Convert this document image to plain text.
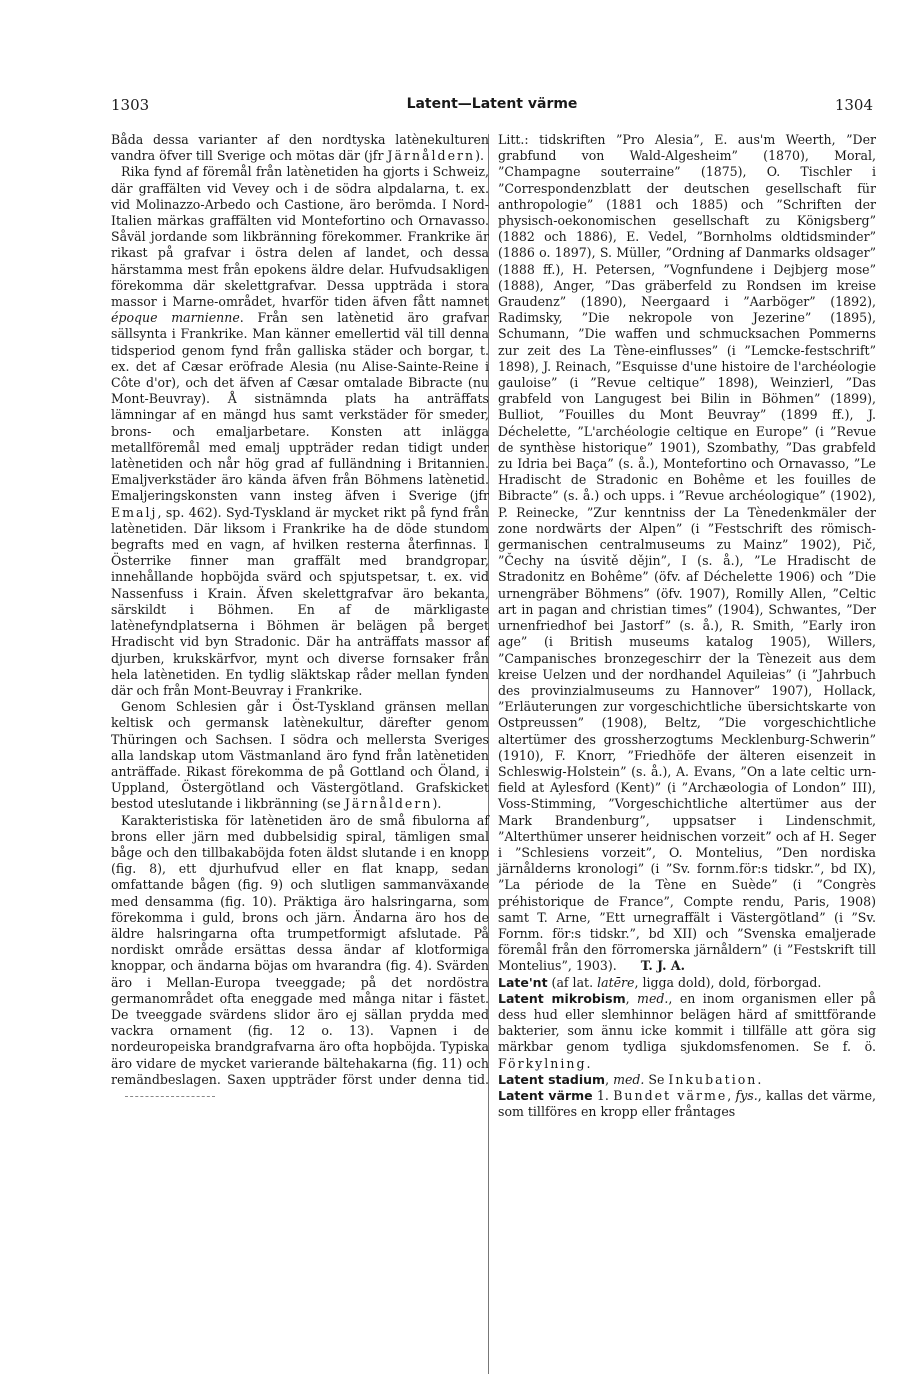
1303	Latent—Latent värme	1304

Båda dessa varianter af den nordtyska latènekulturen vandra öfver till Sverige och mötas där (jfr Järnåldern).

Rika fynd af föremål från latènetiden ha gjorts i Schweiz, där graffälten vid Vevey och i de södra alpdalarna, t. ex. vid Molinazzo-Arbedo och Castione, äro berömda. I Nord-Italien märkas graffälten vid Montefortino och Ornavasso. Såväl jordande som likbränning förekommer. Frankrike är rikast på grafvar i östra delen af landet, och dessa härstamma mest från epokens äldre delar. Hufvudsakligen förekomma där skelettgrafvar. Dessa uppträda i stora massor i Marne-området, hvarför tiden äfven fått namnet époque marnienne. Från sen latènetid äro grafvar sällsynta i Frankrike. Man känner emellertid väl till denna tidsperiod genom fynd från galliska städer och borgar, t. ex. det af Cæsar eröfrade Alesia (nu Alise-Sainte-Reine i Côte d'or), och det äfven af Cæsar omtalade Bibracte (nu Mont-Beuvray). Å sistnämnda plats ha anträffats lämningar af en mängd hus samt verkstäder för smeder, brons- och emaljarbetare. Konsten att inlägga metallföremål med emalj uppträder redan tidigt under latènetiden och når hög grad af fulländning i Britannien. Emaljverkstäder äro kända äfven från Böhmens latènetid. Emaljeringskonsten vann insteg äfven i Sverige (jfr Emalj, sp. 462). Syd-Tyskland är mycket rikt på fynd från latènetiden. Där liksom i Frankrike ha de döde stundom begrafts med en vagn, af hvilken resterna återfinnas. I Österrike finner man graffält med brandgropar, innehållande hopböjda svärd och spjutspetsar, t. ex. vid Nassenfuss i Krain. Äfven skelettgrafvar äro bekanta, särskildt i Böhmen. En af de märkligaste latènefyndplatserna i Böhmen är belägen på berget Hradischt vid byn Stradonic. Där ha anträffats massor af djurben, krukskärfvor, mynt och diverse fornsaker från hela latènetiden. En tydlig släktskap råder mellan fynden där och från Mont-Beuvray i Frankrike.

Genom Schlesien går i Öst-Tyskland gränsen mellan keltisk och germansk latènekultur, därefter genom Thüringen och Sachsen. I södra och mellersta Sveriges alla landskap utom Västmanland äro fynd från latènetiden anträffade. Rikast förekomma de på Gottland och Öland, i Uppland, Östergötland och Västergötland. Grafskicket bestod uteslutande i likbränning (se Järnåldern).

Karakteristiska för latènetiden äro de små fibulorna af brons eller järn med dubbelsidig spiral, tämligen smal båge och den tillbakaböjda foten äldst slutande i en knopp (fig. 8), ett djurhufvud eller en flat knapp, sedan omfattande bågen (fig. 9) och slutligen sammanväxande med densamma (fig. 10). Präktiga äro halsringarna, som förekomma i guld, brons och järn. Ändarna äro hos de äldre halsringarna ofta trumpetformigt afslutade. På nordiskt område ersättas dessa ändar af klotformiga knoppar, och ändarna böjas om hvarandra (fig. 4). Svärden äro i Mellan-Europa tveeggade; på det nordöstra germanområdet ofta eneggade med många nitar i fästet. De tveeggade svärdens slidor äro ej sällan prydda med vackra ornament (fig. 12 o. 13). Vapnen i de nordeuropeiska brandgrafvarna äro ofta hopböjda. Typiska äro vidare de mycket varierande bältehakarna (fig. 11) och remändbeslagen. Saxen uppträder först under denna tid.

Litt.: tidskriften ”Pro Alesia”, E. aus'm Weerth, ”Der grabfund von Wald-Algesheim” (1870), Moral, ”Champagne souterraine” (1875), O. Tischler i ”Correspondenzblatt der deutschen gesellschaft für anthropologie” (1881 och 1885) och ”Schriften der physisch-oekonomischen gesellschaft zu Königsberg” (1882 och 1886), E. Vedel, ”Bornholms oldtidsminder” (1886 o. 1897), S. Müller, ”Ordning af Danmarks oldsager” (1888 ff.), H. Petersen, ”Vognfundene i Dejbjerg mose” (1888), Anger, ”Das gräberfeld zu Rondsen im kreise Graudenz” (1890), Neergaard i ”Aarböger” (1892), Radimsky, ”Die nekropole von Jezerine” (1895), Schumann, ”Die waffen und schmucksachen Pommerns zur zeit des La Tène-einflusses” (i ”Lemcke-festschrift” 1898), J. Reinach, ”Esquisse d'une histoire de l'archéologie gauloise” (i ”Revue celtique” 1898), Weinzierl, ”Das grabfeld von Langugest bei Bilin in Böhmen” (1899), Bulliot, ”Fouilles du Mont Beuvray” (1899 ff.), J. Déchelette, ”L'archéologie celtique en Europe” (i ”Revue de synthèse historique” 1901), Szombathy, ”Das grabfeld zu Idria bei Baça” (s. å.), Montefortino och Ornavasso, ”Le Hradischt de Stradonic en Bohême et les fouilles de Bibracte” (s. å.) och upps. i ”Revue archéologique” (1902), P. Reinecke, ”Zur kenntniss der La Tènedenkmäler der zone nordwärts der Alpen” (i ”Festschrift des römisch-germanischen centralmuseums zu Mainz” 1902), Pič, ”Čechy na úsvitě dějin”, I (s. å.), ”Le Hradischt de Stradonitz en Bohême” (öfv. af Déchelette 1906) och ”Die urnengräber Böhmens” (öfv. 1907), Romilly Allen, ”Celtic art in pagan and christian times” (1904), Schwantes, ”Der urnenfriedhof bei Jastorf” (s. å.), R. Smith, ”Early iron age” (i British museums katalog 1905), Willers, ”Campanisches bronzegeschirr der la Tènezeit aus dem kreise Uelzen und der nordhandel Aquileias” (i ”Jahrbuch des provinzialmuseums zu Hannover” 1907), Hollack, ”Erläuterungen zur vorgeschichtliche übersichtskarte von Ostpreussen” (1908), Beltz, ”Die vorgeschichtliche altertümer des grossherzogtums Mecklenburg-Schwerin” (1910), F. Knorr, ”Friedhöfe der älteren eisenzeit in Schleswig-Holstein” (s. å.), A. Evans, ”On a late celtic urn-field at Aylesford (Kent)” (i ”Archæologia of London” III), Voss-Stimming, ”Vorgeschichtliche altertümer aus der Mark Brandenburg”, uppsatser i Lindenschmit, ”Alterthümer unserer heidnischen vorzeit” och af H. Seger i ”Schlesiens vorzeit”, O. Montelius, ”Den nordiska järnålderns kronologi” (i ”Sv. fornm.för:s tidskr.”, bd IX), ”La période de la Tène en Suède” (i ”Congrès préhistorique de France”, Compte rendu, Paris, 1908) samt T. Arne, ”Ett urnegraffält i Västergötland” (i ”Sv. Fornm. för:s tidskr.”, bd XII) och ”Svenska emaljerade föremål från den förromerska järnåldern” (i ”Festskrift till Montelius”, 1903). T. J. A.

Late'nt (af lat. latēre, ligga dold), dold, förborgad.

Latent mikrobism, med., en inom organismen eller på dess hud eller slemhinnor belägen härd af smittförande bakterier, som ännu icke kommit i tillfälle att göra sig märkbar genom tydliga sjukdomsfenomen. Se f. ö. Förkylning.

Latent stadium, med. Se Inkubation.

Latent värme 1. Bundet värme, fys., kallas det värme, som tillföres en kropp eller fråntages
